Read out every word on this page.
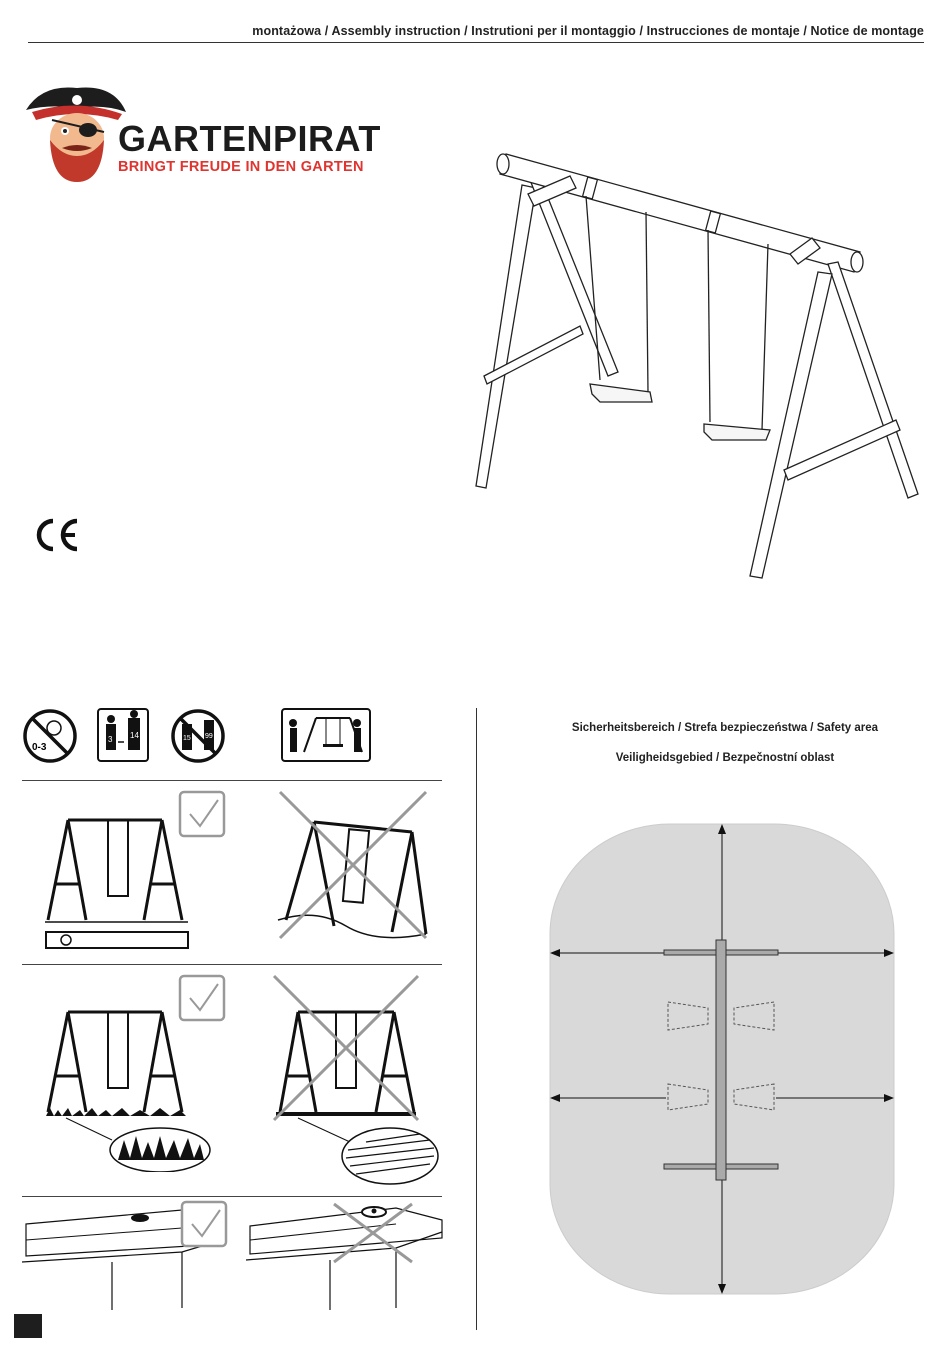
montażowa / Assembly instruction / Instrutioni per il montaggio / Instrucciones de montaje / Notice de montage
GARTENPIRAT
BRINGT FREUDE IN DEN GARTEN
0-3
3 14	15 99
Sicherheitsbereich / Strefa bezpieczeństwa / Safety area
Veiligheidsgebied / Bezpečnostní oblast
